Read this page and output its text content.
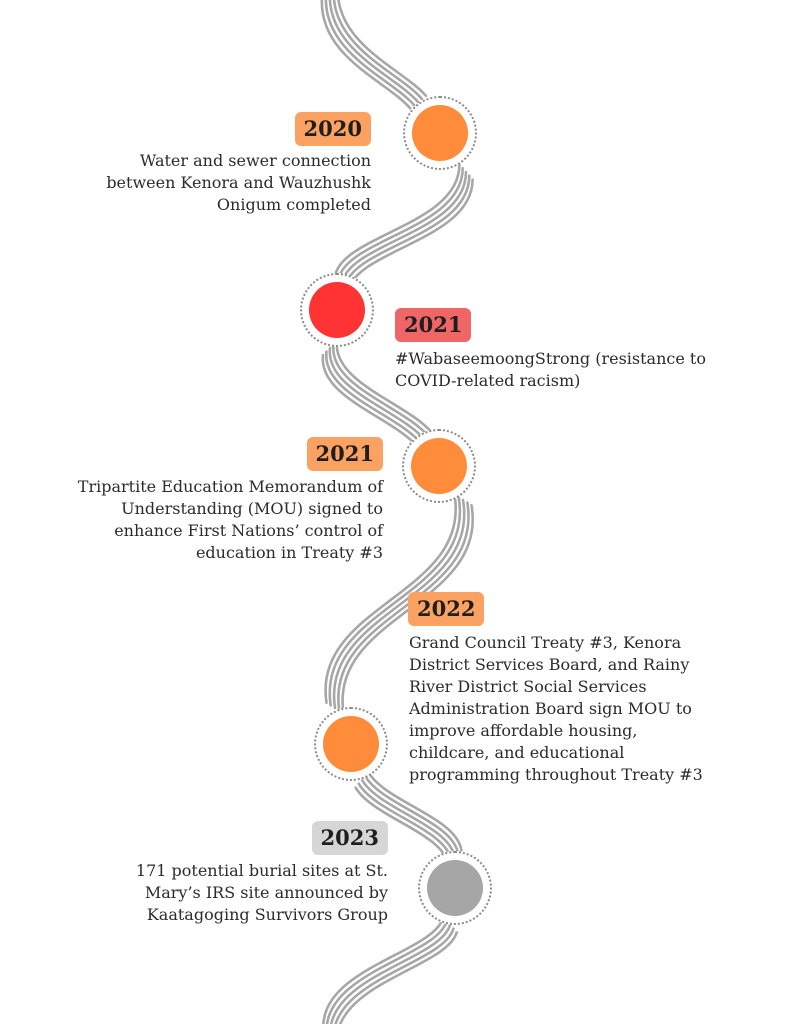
2020

Water and sewer connection
between Kenora and Wauzhushk
Onigum completed

2021

#WabaseemoongStrong (resistance to
COVID-related racism)

2021

Tripartite Education Memorandum of
Understanding (MOU) signed to
enhance First Nations’ control of
education in Treaty #3

2022

Grand Council Treaty #3, Kenora
District Services Board, and Rainy
River District Social Services
Administration Board sign MOU to
improve affordable housing,
childcare, and educational
programming throughout Treaty #3

2023

171 potential burial sites at St.
Mary’s IRS site announced by
Kaatagoging Survivors Group
